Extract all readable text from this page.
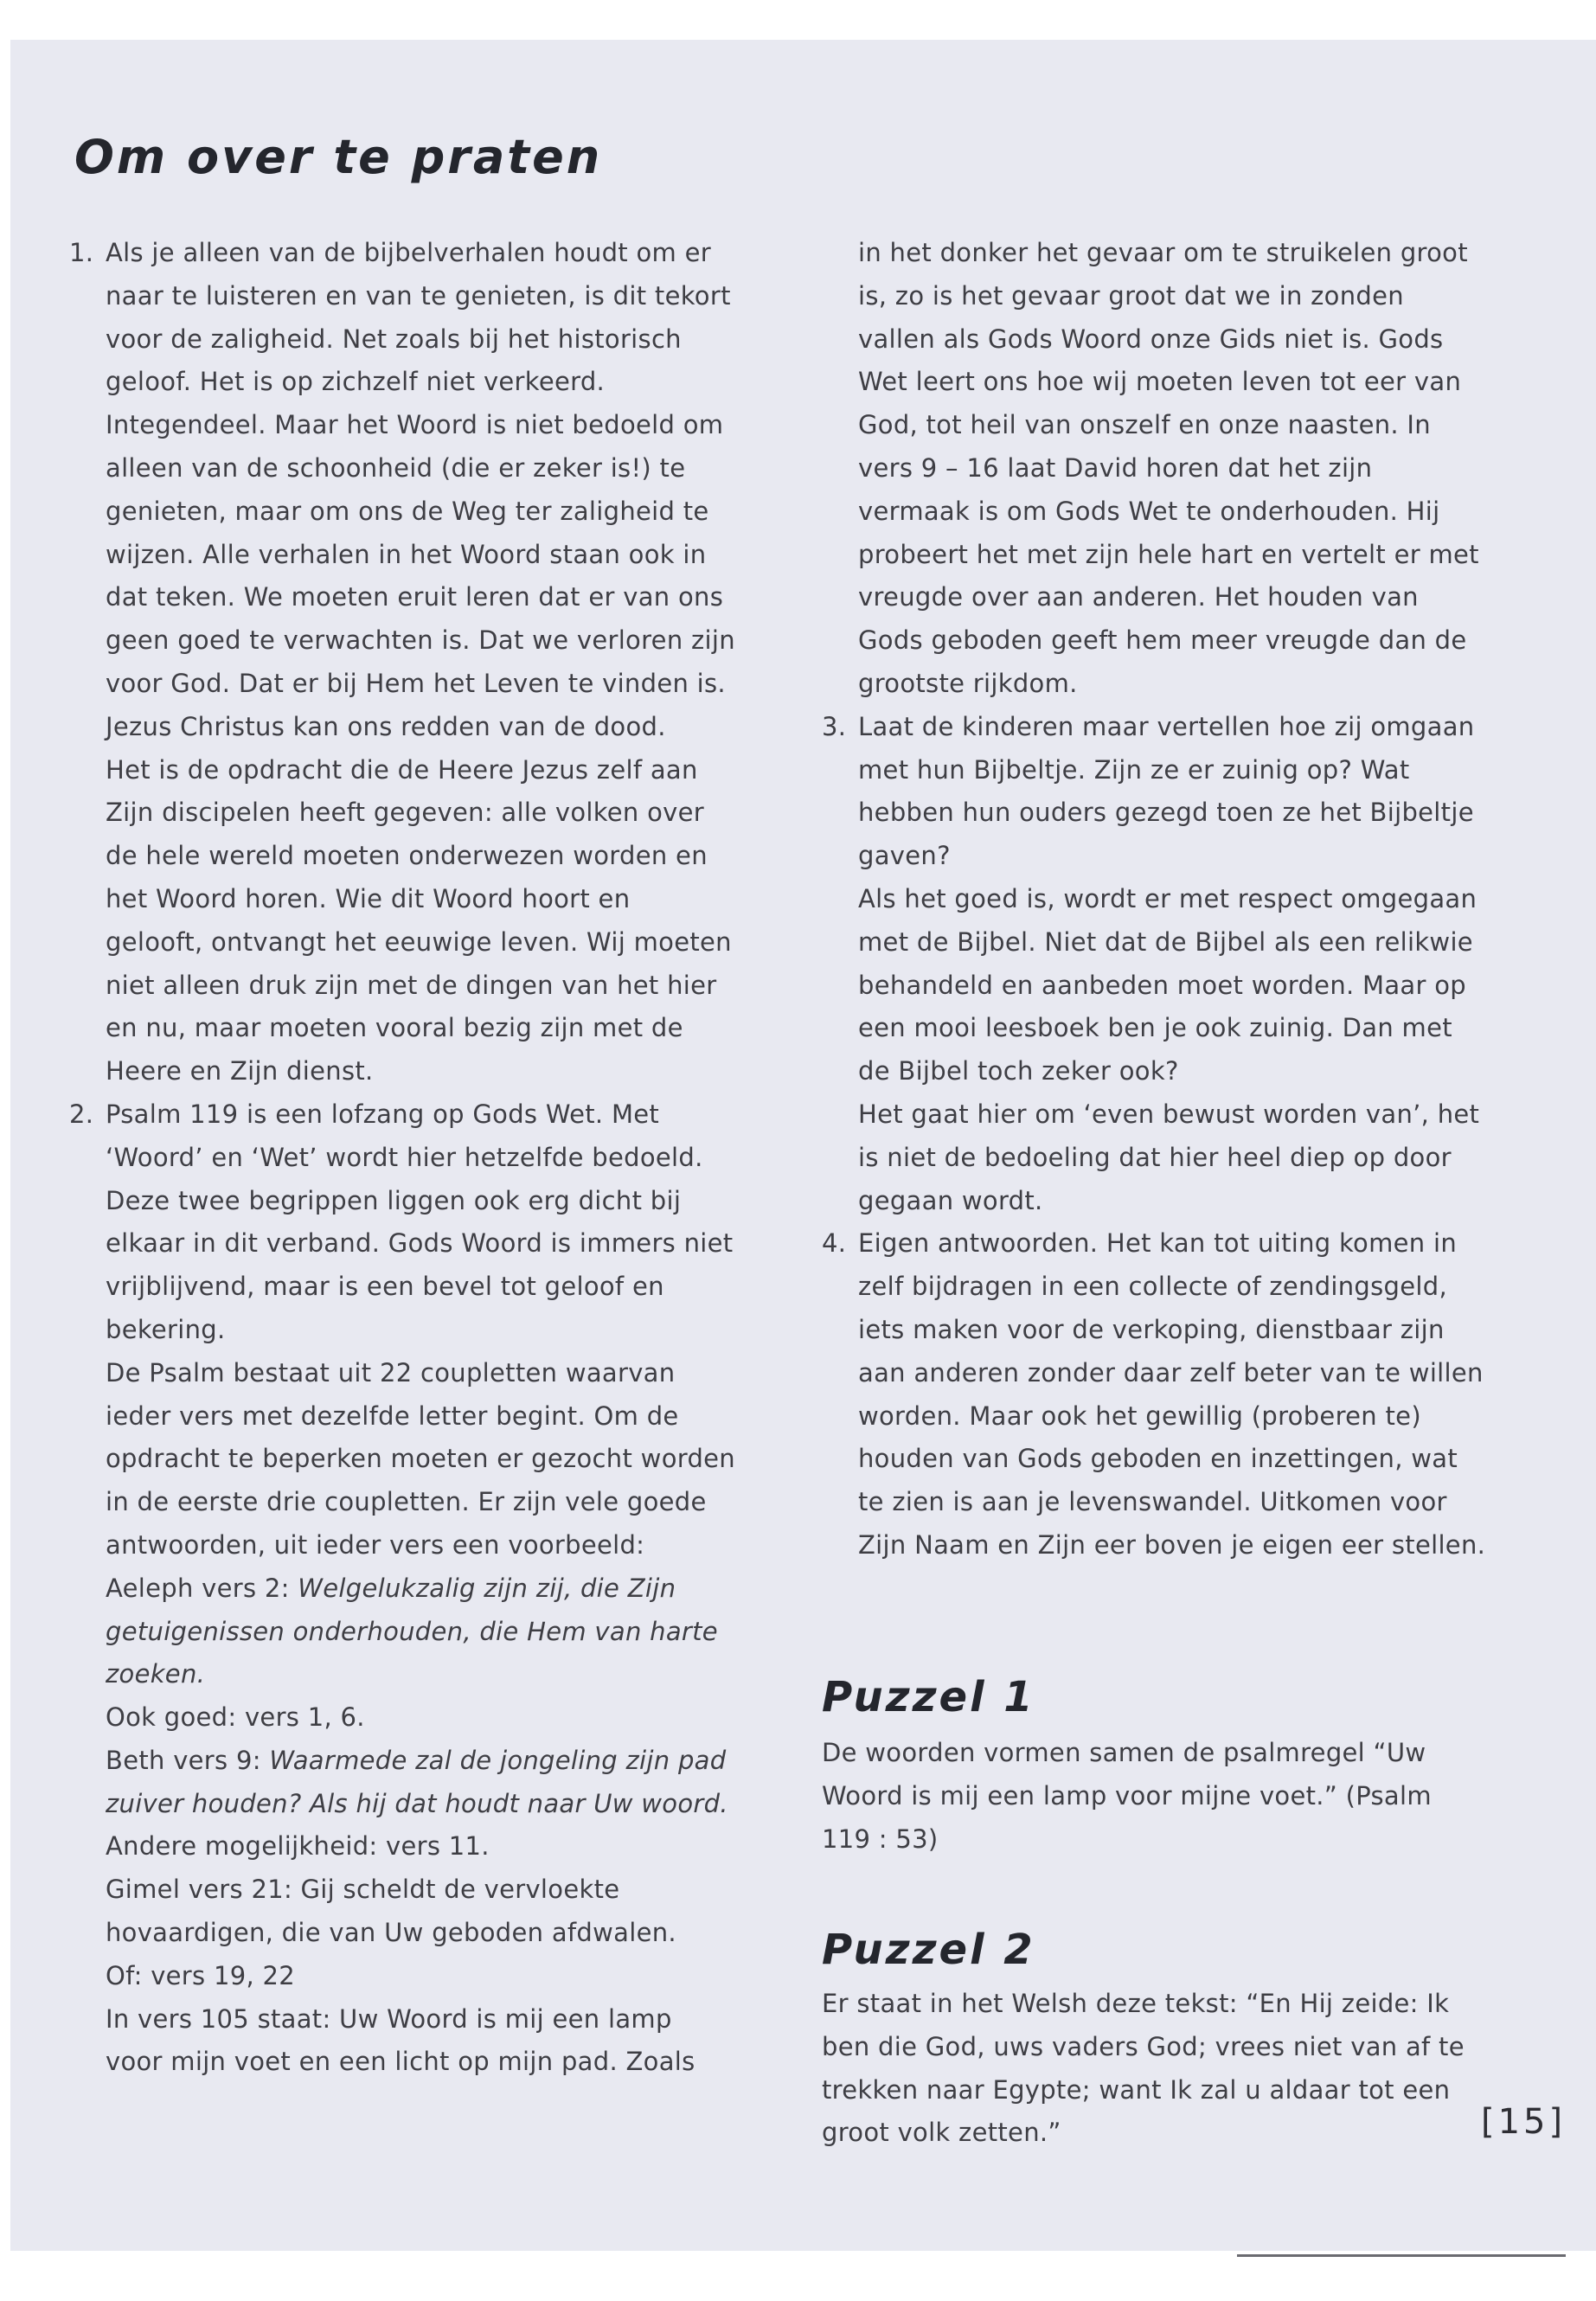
Om over te praten
1. Als je alleen van de bijbelverhalen houdt om er naar te luisteren en van te genieten, is dit tekort voor de zaligheid. Net zoals bij het historisch geloof. Het is op zichzelf niet verkeerd. Integendeel. Maar het Woord is niet bedoeld om alleen van de schoonheid (die er zeker is!) te genieten, maar om ons de Weg ter zaligheid te wijzen. Alle verhalen in het Woord staan ook in dat teken. We moeten eruit leren dat er van ons geen goed te verwachten is. Dat we verloren zijn voor God. Dat er bij Hem het Leven te vinden is. Jezus Christus kan ons redden van de dood.

Het is de opdracht die de Heere Jezus zelf aan Zijn discipelen heeft gegeven: alle volken over de hele wereld moeten onderwezen worden en het Woord horen. Wie dit Woord hoort en gelooft, ontvangt het eeuwige leven. Wij moeten niet alleen druk zijn met de dingen van het hier en nu, maar moeten vooral bezig zijn met de Heere en Zijn dienst.

2. Psalm 119 is een lofzang op Gods Wet. Met ‘Woord’ en ‘Wet’ wordt hier hetzelfde bedoeld. Deze twee begrippen liggen ook erg dicht bij elkaar in dit verband. Gods Woord is immers niet vrijblijvend, maar is een bevel tot geloof en bekering.

De Psalm bestaat uit 22 coupletten waarvan ieder vers met dezelfde letter begint. Om de opdracht te beperken moeten er gezocht worden in de eerste drie coupletten. Er zijn vele goede antwoorden, uit ieder vers een voorbeeld:

Aeleph vers 2: Welgelukzalig zijn zij, die Zijn getuigenissen onderhouden, die Hem van harte zoeken.

Ook goed: vers 1, 6.

Beth vers 9: Waarmede zal de jongeling zijn pad zuiver houden? Als hij dat houdt naar Uw woord.

Andere mogelijkheid: vers 11.

Gimel vers 21: Gij scheldt de vervloekte hovaardigen, die van Uw geboden afdwalen.

Of: vers 19, 22

In vers 105 staat: Uw Woord is mij een lamp voor mijn voet en een licht op mijn pad. Zoals

in het donker het gevaar om te struikelen groot is, zo is het gevaar groot dat we in zonden vallen als Gods Woord onze Gids niet is. Gods Wet leert ons hoe wij moeten leven tot eer van God, tot heil van onszelf en onze naasten. In vers 9 – 16 laat David horen dat het zijn vermaak is om Gods Wet te onderhouden. Hij probeert het met zijn hele hart en vertelt er met vreugde over aan anderen. Het houden van Gods geboden geeft hem meer vreugde dan de grootste rijkdom.

3. Laat de kinderen maar vertellen hoe zij omgaan met hun Bijbeltje. Zijn ze er zuinig op? Wat hebben hun ouders gezegd toen ze het Bijbeltje gaven?

Als het goed is, wordt er met respect omgegaan met de Bijbel. Niet dat de Bijbel als een relikwie behandeld en aanbeden moet worden. Maar op een mooi leesboek ben je ook zuinig. Dan met de Bijbel toch zeker ook?

Het gaat hier om ‘even bewust worden van’, het is niet de bedoeling dat hier heel diep op door gegaan wordt.

4. Eigen antwoorden. Het kan tot uiting komen in zelf bijdragen in een collecte of zendingsgeld, iets maken voor de verkoping, dienstbaar zijn aan anderen zonder daar zelf beter van te willen worden. Maar ook het gewillig (proberen te) houden van Gods geboden en inzettingen, wat te zien is aan je levenswandel. Uitkomen voor Zijn Naam en Zijn eer boven je eigen eer stellen.

Puzzel 1

De woorden vormen samen de psalmregel “Uw Woord is mij een lamp voor mijne voet.” (Psalm 119 : 53)

Puzzel 2

Er staat in het Welsh deze tekst: “En Hij zeide: Ik ben die God, uws vaders God; vrees niet van af te trekken naar Egypte; want Ik zal u aldaar tot een groot volk zetten.”	[15]
